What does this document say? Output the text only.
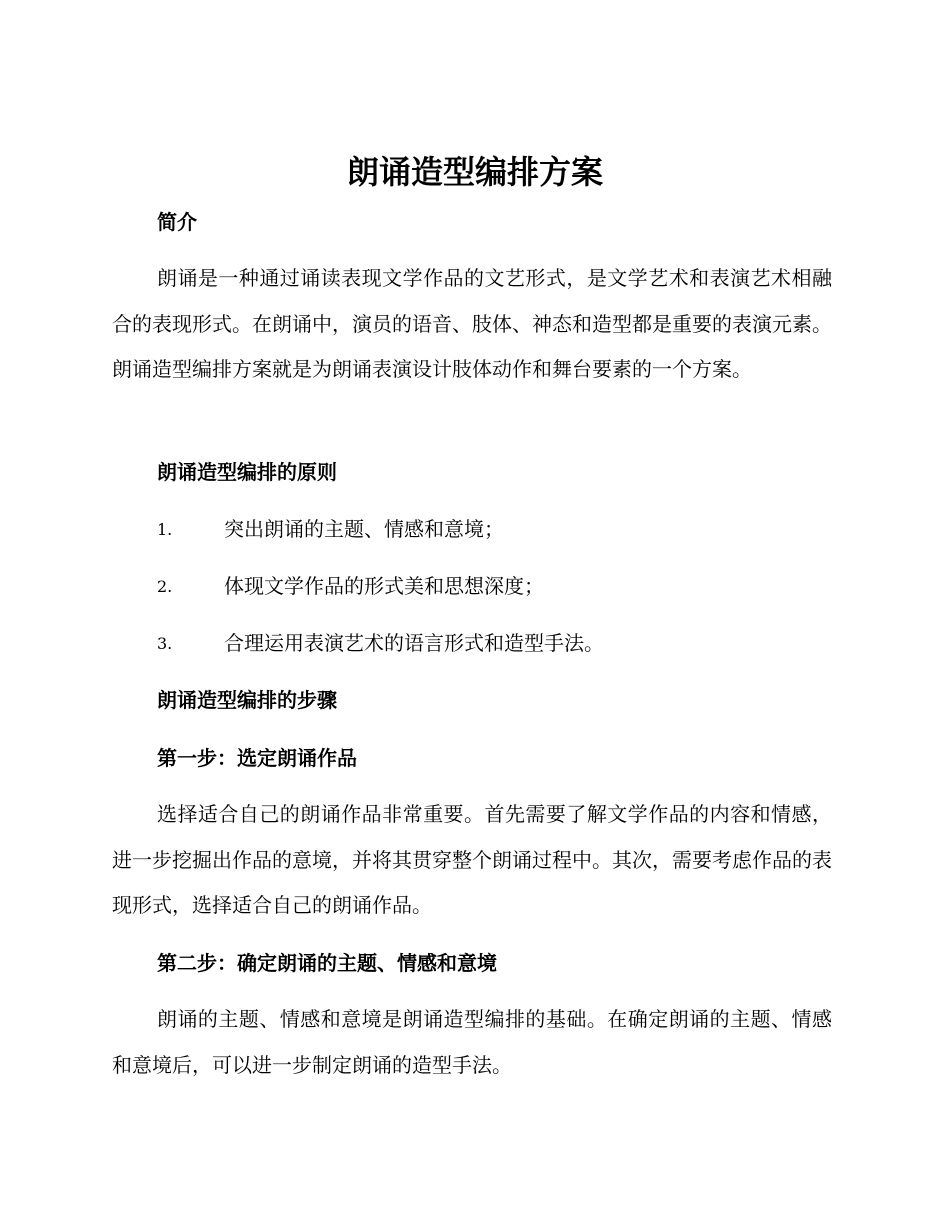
朗诵造型编排方案
简介

朗诵是一种通过诵读表现文学作品的文艺形式，是文学艺术和表演艺术相融合的表现形式。在朗诵中，演员的语音、肢体、神态和造型都是重要的表演元素。朗诵造型编排方案就是为朗诵表演设计肢体动作和舞台要素的一个方案。

朗诵造型编排的原则
1.	突出朗诵的主题、情感和意境；
2.	体现文学作品的形式美和思想深度；
3.	合理运用表演艺术的语言形式和造型手法。
朗诵造型编排的步骤
第一步：选定朗诵作品

选择适合自己的朗诵作品非常重要。首先需要了解文学作品的内容和情感，进一步挖掘出作品的意境，并将其贯穿整个朗诵过程中。其次，需要考虑作品的表现形式，选择适合自己的朗诵作品。

第二步：确定朗诵的主题、情感和意境

朗诵的主题、情感和意境是朗诵造型编排的基础。在确定朗诵的主题、情感和意境后，可以进一步制定朗诵的造型手法。
